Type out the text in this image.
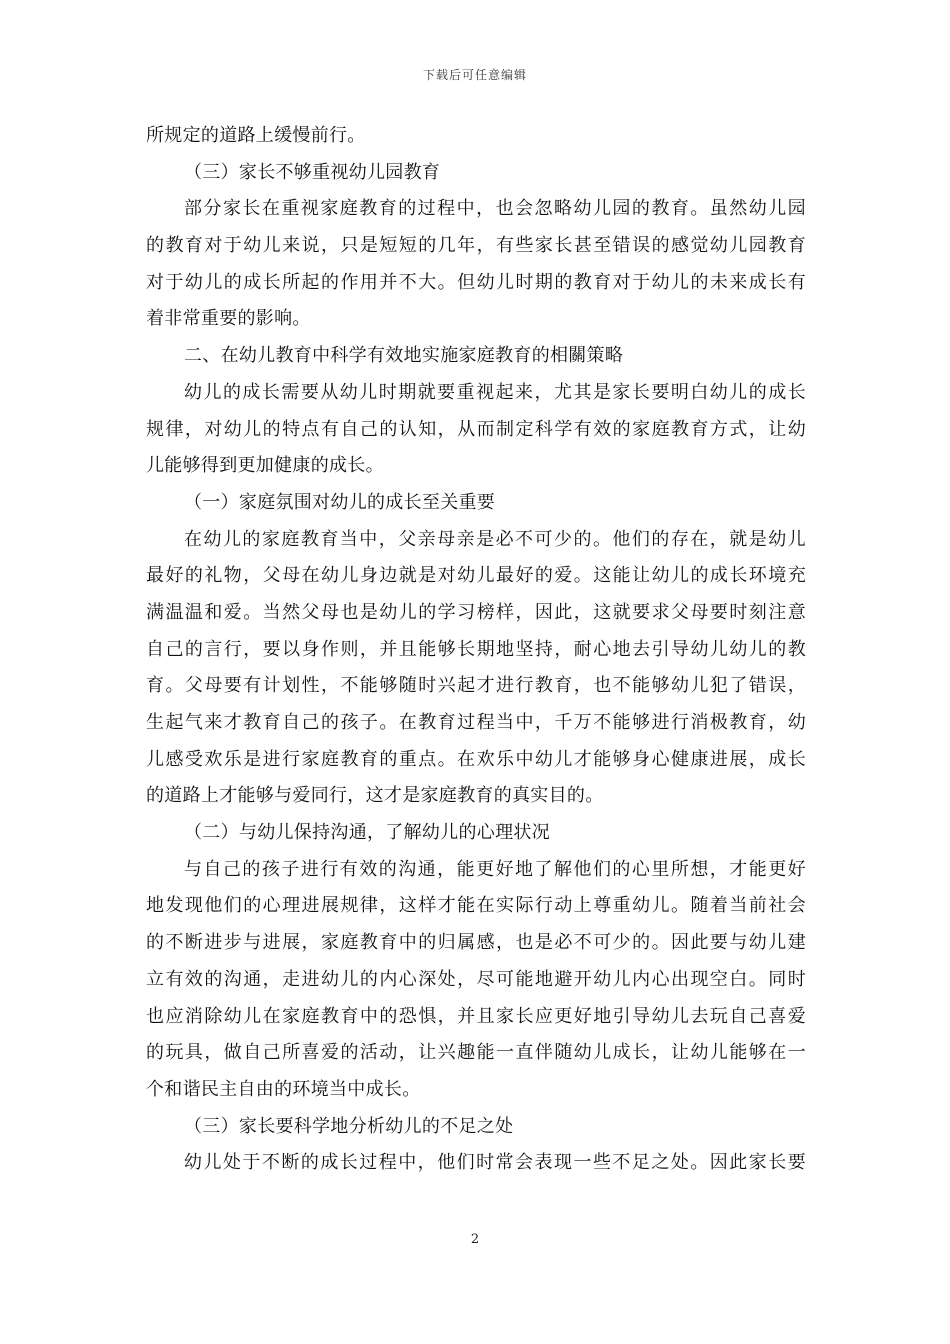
下载后可任意编辑
所规定的道路上缓慢前行。
（三）家长不够重视幼儿园教育
部分家长在重视家庭教育的过程中，也会忽略幼儿园的教育。虽然幼儿园
的教育对于幼儿来说，只是短短的几年，有些家长甚至错误的感觉幼儿园教育
对于幼儿的成长所起的作用并不大。但幼儿时期的教育对于幼儿的未来成长有
着非常重要的影响。
二、在幼儿教育中科学有效地实施家庭教育的相關策略
幼儿的成长需要从幼儿时期就要重视起来，尤其是家长要明白幼儿的成长
规律，对幼儿的特点有自己的认知，从而制定科学有效的家庭教育方式，让幼
儿能够得到更加健康的成长。
（一）家庭氛围对幼儿的成长至关重要
在幼儿的家庭教育当中，父亲母亲是必不可少的。他们的存在，就是幼儿
最好的礼物，父母在幼儿身边就是对幼儿最好的爱。这能让幼儿的成长环境充
满温温和爱。当然父母也是幼儿的学习榜样，因此，这就要求父母要时刻注意
自己的言行，要以身作则，并且能够长期地坚持，耐心地去引导幼儿幼儿的教
育。父母要有计划性，不能够随时兴起才进行教育，也不能够幼儿犯了错误，
生起气来才教育自己的孩子。在教育过程当中，千万不能够进行消极教育，幼
儿感受欢乐是进行家庭教育的重点。在欢乐中幼儿才能够身心健康进展，成长
的道路上才能够与爱同行，这才是家庭教育的真实目的。
（二）与幼儿保持沟通，了解幼儿的心理状况
与自己的孩子进行有效的沟通，能更好地了解他们的心里所想，才能更好
地发现他们的心理进展规律，这样才能在实际行动上尊重幼儿。随着当前社会
的不断进步与进展，家庭教育中的归属感，也是必不可少的。因此要与幼儿建
立有效的沟通，走进幼儿的内心深处，尽可能地避开幼儿内心出现空白。同时
也应消除幼儿在家庭教育中的恐惧，并且家长应更好地引导幼儿去玩自己喜爱
的玩具，做自己所喜爱的活动，让兴趣能一直伴随幼儿成长，让幼儿能够在一
个和谐民主自由的环境当中成长。
（三）家长要科学地分析幼儿的不足之处
幼儿处于不断的成长过程中，他们时常会表现一些不足之处。因此家长要
2
